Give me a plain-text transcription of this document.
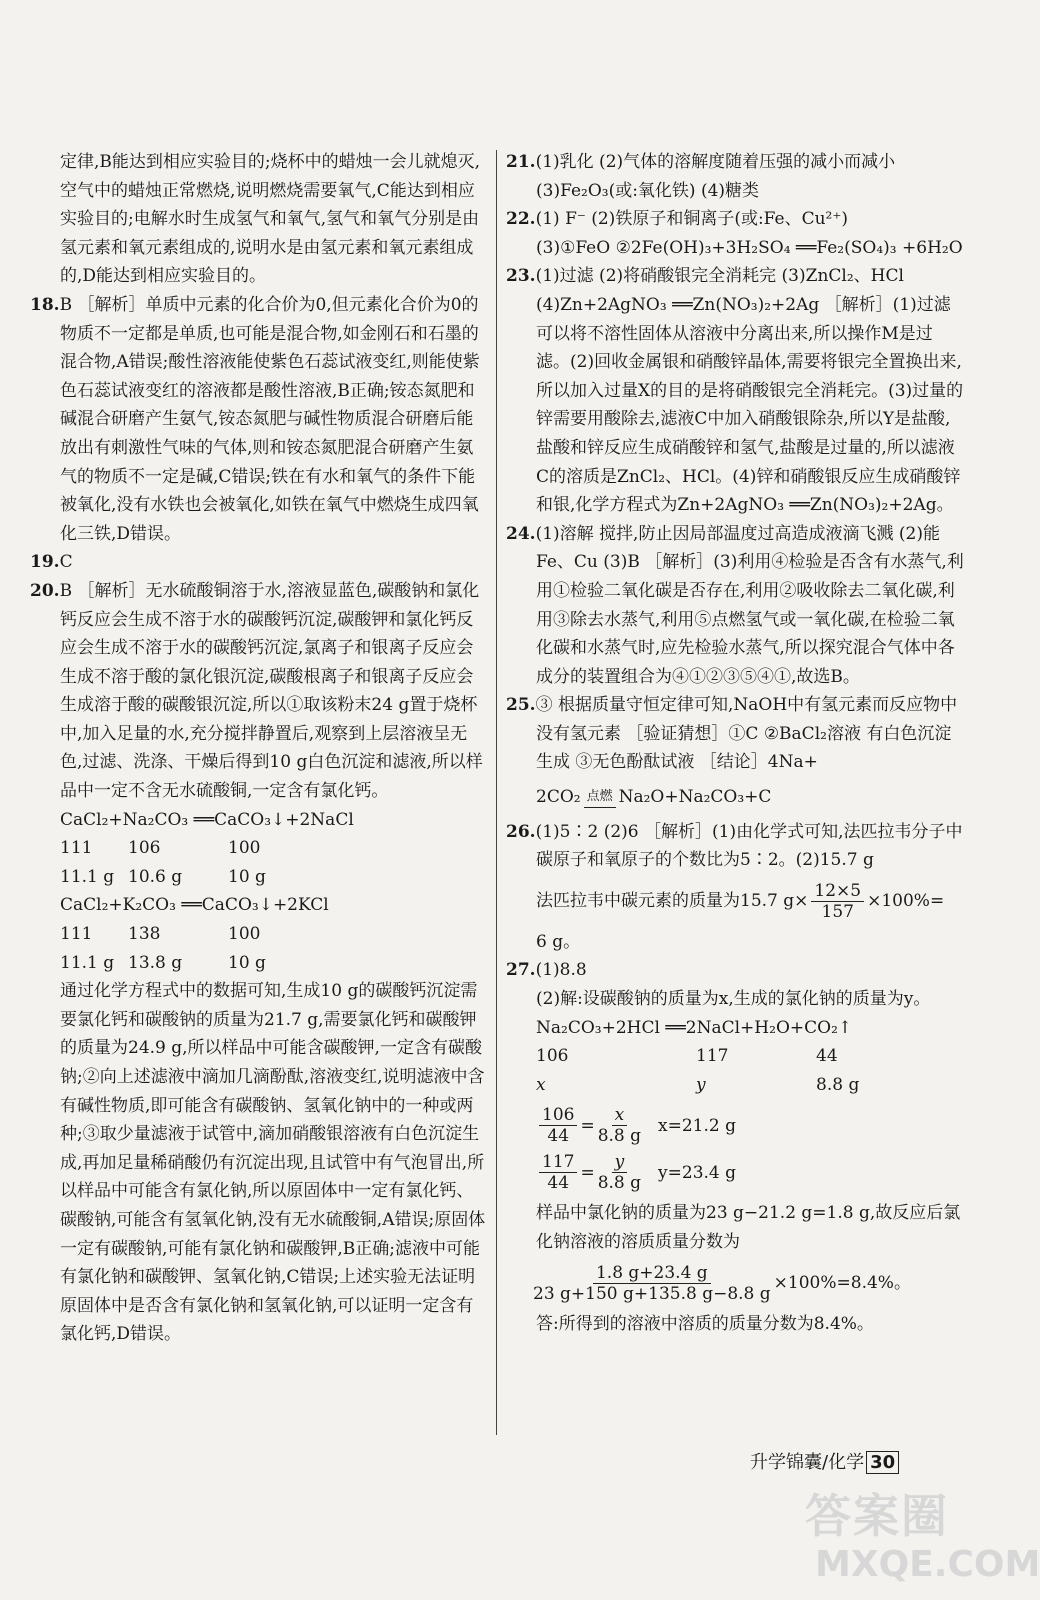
定律,B能达到相应实验目的;烧杯中的蜡烛一会儿就熄灭,空气中的蜡烛正常燃烧,说明燃烧需要氧气,C能达到相应实验目的;电解水时生成氢气和氧气,氢气和氧气分别是由氢元素和氧元素组成的,说明水是由氢元素和氧元素组成的,D能达到相应实验目的。

18.B ［解析］单质中元素的化合价为0,但元素化合价为0的物质不一定都是单质,也可能是混合物,如金刚石和石墨的混合物,A错误;酸性溶液能使紫色石蕊试液变红,则能使紫色石蕊试液变红的溶液都是酸性溶液,B正确;铵态氮肥和碱混合研磨产生氨气,铵态氮肥与碱性物质混合研磨后能放出有刺激性气味的气体,则和铵态氮肥混合研磨产生氨气的物质不一定是碱,C错误;铁在有水和氧气的条件下能被氧化,没有水铁也会被氧化,如铁在氧气中燃烧生成四氧化三铁,D错误。

19.C

20.B ［解析］无水硫酸铜溶于水,溶液显蓝色,碳酸钠和氯化钙反应会生成不溶于水的碳酸钙沉淀,碳酸钾和氯化钙反应会生成不溶于水的碳酸钙沉淀,氯离子和银离子反应会生成不溶于酸的氯化银沉淀,碳酸根离子和银离子反应会生成溶于酸的碳酸银沉淀,所以①取该粉末24 g置于烧杯中,加入足量的水,充分搅拌静置后,观察到上层溶液呈无色,过滤、洗涤、干燥后得到10 g白色沉淀和滤液,所以样品中一定不含无水硫酸铜,一定含有氯化钙。

CaCl₂+Na₂CO₃ ══CaCO₃↓+2NaCl

111	106	100
11.1 g 10.6 g	10 g

CaCl₂+K₂CO₃ ══CaCO₃↓+2KCl

111	138	100
11.1 g 13.8 g	10 g

通过化学方程式中的数据可知,生成10 g的碳酸钙沉淀需要氯化钙和碳酸钠的质量为21.7 g,需要氯化钙和碳酸钾的质量为24.9 g,所以样品中可能含碳酸钾,一定含有碳酸钠;②向上述滤液中滴加几滴酚酞,溶液变红,说明滤液中含有碱性物质,即可能含有碳酸钠、氢氧化钠中的一种或两种;③取少量滤液于试管中,滴加硝酸银溶液有白色沉淀生成,再加足量稀硝酸仍有沉淀出现,且试管中有气泡冒出,所以样品中可能含有氯化钠,所以原固体中一定有氯化钙、碳酸钠,可能含有氢氧化钠,没有无水硫酸铜,A错误;原固体一定有碳酸钠,可能有氯化钠和碳酸钾,B正确;滤液中可能有氯化钠和碳酸钾、氢氧化钠,C错误;上述实验无法证明原固体中是否含有氯化钠和氢氧化钠,可以证明一定含有氯化钙,D错误。

21.(1)乳化 (2)气体的溶解度随着压强的减小而减小 (3)Fe₂O₃(或:氧化铁) (4)糖类

22.(1) F⁻ (2)铁原子和铜离子(或:Fe、Cu²⁺)

(3)①FeO ②2Fe(OH)₃+3H₂SO₄ ══Fe₂(SO₄)₃ +6H₂O

23.(1)过滤 (2)将硝酸银完全消耗完 (3)ZnCl₂、HCl (4)Zn+2AgNO₃ ══Zn(NO₃)₂+2Ag ［解析］(1)过滤可以将不溶性固体从溶液中分离出来,所以操作M是过滤。(2)回收金属银和硝酸锌晶体,需要将银完全置换出来,所以加入过量X的目的是将硝酸银完全消耗完。(3)过量的锌需要用酸除去,滤液C中加入硝酸银除杂,所以Y是盐酸,盐酸和锌反应生成硝酸锌和氢气,盐酸是过量的,所以滤液C的溶质是ZnCl₂、HCl。(4)锌和硝酸银反应生成硝酸锌和银,化学方程式为Zn+2AgNO₃ ══Zn(NO₃)₂+2Ag。

24.(1)溶解 搅拌,防止因局部温度过高造成液滴飞溅 (2)能 Fe、Cu (3)B ［解析］(3)利用④检验是否含有水蒸气,利用①检验二氧化碳是否存在,利用②吸收除去二氧化碳,利用③除去水蒸气,利用⑤点燃氢气或一氧化碳,在检验二氧化碳和水蒸气时,应先检验水蒸气,所以探究混合气体中各成分的装置组合为④①②③⑤④①,故选B。

25.③ 根据质量守恒定律可知,NaOH中有氢元素而反应物中没有氢元素 ［验证猜想］①C ②BaCl₂溶液 有白色沉淀生成 ③无色酚酞试液 ［结论］4Na+

2CO₂ 点燃 Na₂O+Na₂CO₃+C

26.(1)5∶2 (2)6 ［解析］(1)由化学式可知,法匹拉韦分子中碳原子和氧原子的个数比为5∶2。(2)15.7 g

法匹拉韦中碳元素的质量为15.7 $g\times \frac{12\times 5}{157} \times 100\%=$

6 g。

27.(1)8.8

(2)解:设碳酸钠的质量为x,生成的氯化钠的质量为y。

Na₂CO₃+2HCl ══2NaCl+H₂O+CO₂↑

106	117	44
x	y	8.8 g
$\frac{106}{44} = \frac{x}{8.8 g} x=21.2$ g
$\frac{117}{44} = \frac{y}{8.8 g} y=23.4$ g

样品中氯化钠的质量为23 g−21.2 g=1.8 g,故反应后氯化钠溶液的溶质质量分数为

$\frac{1.8 g+23.4 g}{23 g+150 g+135.8 g-8.8 g} \times 100\%=8.4\%$。

答:所得到的溶液中溶质的质量分数为8.4%。

升学锦囊/化学 30
答案圈
MXQE.COM
